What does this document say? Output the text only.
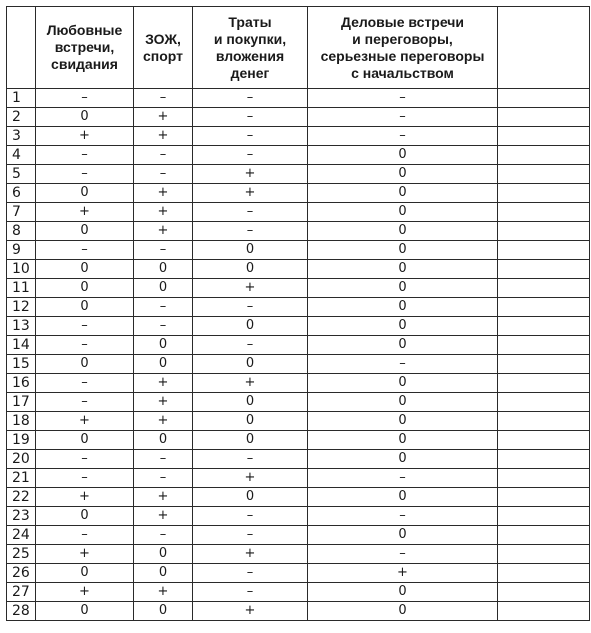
	Любовные
встречи,
свидания	ЗОЖ,
спорт	Траты
и покупки,
вложения
денег	Деловые встречи
и переговоры,
серьезные переговоры
с начальством	
1	–	–	–	–	
2	0	+	–	–	
3	+	+	–	–	
4	–	–	–	0	
5	–	–	+	0	
6	0	+	+	0	
7	+	+	–	0	
8	0	+	–	0	
9	–	–	0	0	
10	0	0	0	0	
11	0	0	+	0	
12	0	–	–	0	
13	–	–	0	0	
14	–	0	–	0	
15	0	0	0	–	
16	–	+	+	0	
17	–	+	0	0	
18	+	+	0	0	
19	0	0	0	0	
20	–	–	–	0	
21	–	–	+	–	
22	+	+	0	0	
23	0	+	–	–	
24	–	–	–	0	
25	+	0	+	–	
26	0	0	–	+	
27	+	+	–	0	
28	0	0	+	0	
